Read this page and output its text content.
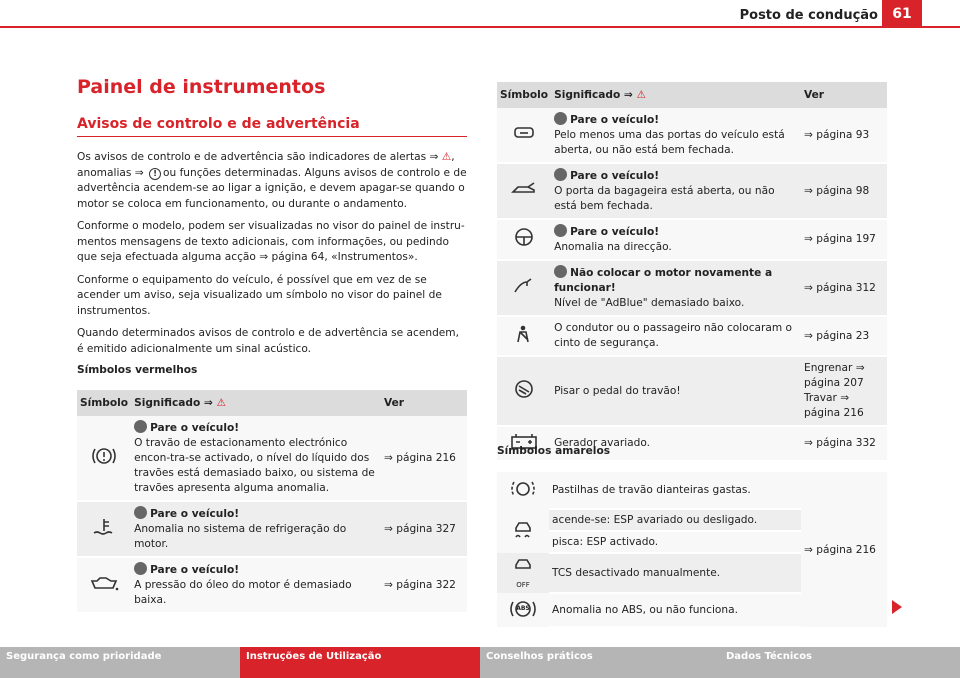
Posto de condução	61
Painel de instrumentos
Avisos de controlo e de advertência

Os avisos de controlo e de advertência são indicadores de alertas ⇒ ⚠, anomalias ⇒ ! ou funções determinadas. Alguns avisos de controlo e de advertência acendem-se ao ligar a ignição, e devem apagar-se quando o motor se coloca em funcionamento, ou durante o andamento.

Conforme o modelo, podem ser visualizadas no visor do painel de instru-mentos mensagens de texto adicionais, com informações, ou pedindo que seja efectuada alguma acção ⇒ página 64, «Instrumentos».

Conforme o equipamento do veículo, é possível que em vez de se acender um aviso, seja visualizado um símbolo no visor do painel de instrumentos.

Quando determinados avisos de controlo e de advertência se acendem, é emitido adicionalmente um sinal acústico.

Símbolos vermelhos
Símbolo	Significado ⇒ ⚠	Ver

Pare o veículo!
O travão de estacionamento electrónico encon-tra-se activado, o nível do líquido dos travões está demasiado baixo, ou sistema de travões apresenta alguma anomalia.	⇒ página 216

Pare o veículo!
Anomalia no sistema de refrigeração do motor.	⇒ página 327

Pare o veículo!
A pressão do óleo do motor é demasiado baixa.	⇒ página 322
Símbolo	Significado ⇒ ⚠	Ver

Pare o veículo!
Pelo menos uma das portas do veículo está aberta, ou não está bem fechada.	⇒ página 93

Pare o veículo!
O porta da bagageira está aberta, ou não está bem fechada.	⇒ página 98

Pare o veículo!
Anomalia na direcção.	⇒ página 197

Não colocar o motor novamente a funcionar!
Nível de "AdBlue" demasiado baixo.	⇒ página 312

O condutor ou o passageiro não colocaram o cinto de segurança.	⇒ página 23

Pisar o pedal do travão!	Engrenar ⇒ página 207 Travar ⇒ página 216

Gerador avariado.	⇒ página 332
Símbolos amarelos
	Pastilhas de travão dianteiras gastas.	⇒ página 216
	acende-se: ESP avariado ou desligado.	
	pisca: ESP activado.	

OFF	TCS desactivado manualmente.	

ABS	Anomalia no ABS, ou não funciona.	
Segurança como prioridade	Instruções de Utilização	Conselhos práticos	Dados Técnicos
